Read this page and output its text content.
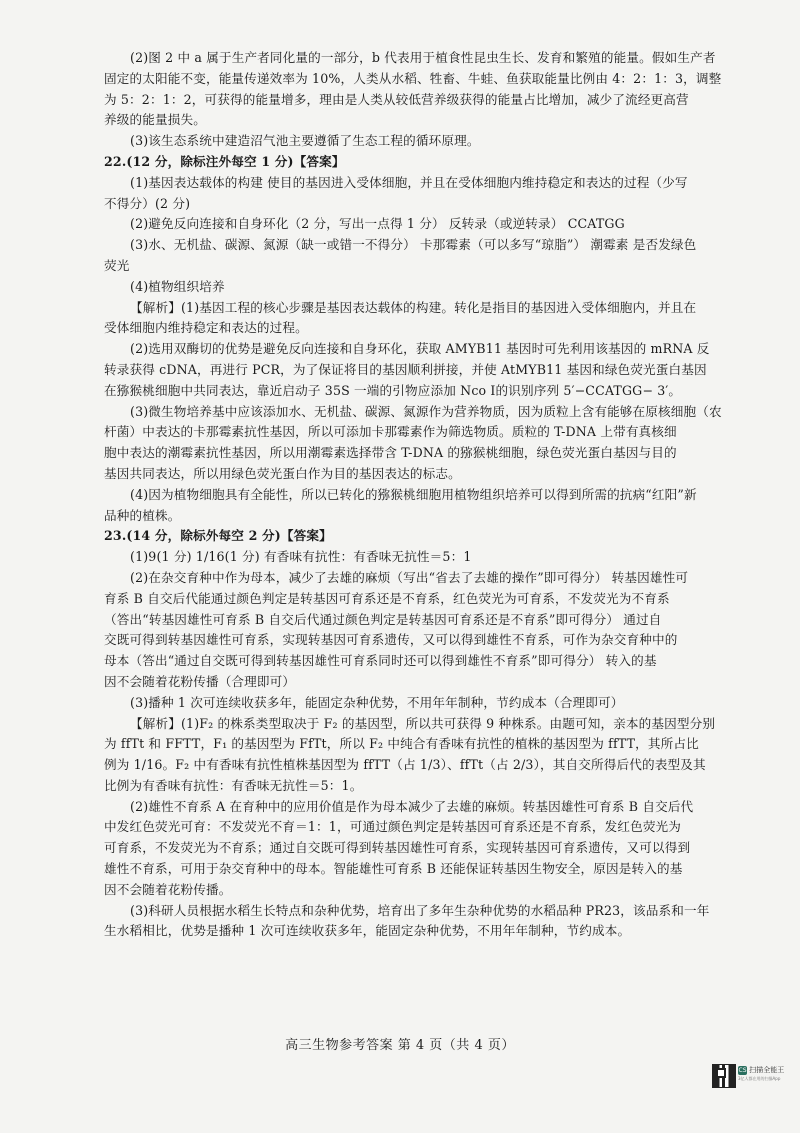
(2)图 2 中 a 属于生产者同化量的一部分，b 代表用于植食性昆虫生长、发育和繁殖的能量。假如生产者
固定的太阳能不变，能量传递效率为 10%，人类从水稻、牲畜、牛蛙、鱼获取能量比例由 4：2：1：3，调整
为 5：2：1：2，可获得的能量增多，理由是人类从较低营养级获得的能量占比增加，减少了流经更高营
养级的能量损失。
(3)该生态系统中建造沼气池主要遵循了生态工程的循环原理。
22.(12 分，除标注外每空 1 分)【答案】
(1)基因表达载体的构建 使目的基因进入受体细胞，并且在受体细胞内维持稳定和表达的过程（少写
不得分）(2 分)
(2)避免反向连接和自身环化（2 分，写出一点得 1 分） 反转录（或逆转录） CCATGG
(3)水、无机盐、碳源、氮源（缺一或错一不得分） 卡那霉素（可以多写“琼脂”） 潮霉素 是否发绿色
荧光
(4)植物组织培养
【解析】(1)基因工程的核心步骤是基因表达载体的构建。转化是指目的基因进入受体细胞内，并且在
受体细胞内维持稳定和表达的过程。
(2)选用双酶切的优势是避免反向连接和自身环化，获取 AMYB11 基因时可先利用该基因的 mRNA 反
转录获得 cDNA，再进行 PCR，为了保证将目的基因顺利拼接，并使 AtMYB11 基因和绿色荧光蛋白基因
在猕猴桃细胞中共同表达，靠近启动子 35S 一端的引物应添加 Nco Ⅰ的识别序列 5′−CCATGG− 3′。
(3)微生物培养基中应该添加水、无机盐、碳源、氮源作为营养物质，因为质粒上含有能够在原核细胞（农
杆菌）中表达的卡那霉素抗性基因，所以可添加卡那霉素作为筛选物质。质粒的 T-DNA 上带有真核细
胞中表达的潮霉素抗性基因，所以用潮霉素选择带含 T-DNA 的猕猴桃细胞，绿色荧光蛋白基因与目的
基因共同表达，所以用绿色荧光蛋白作为目的基因表达的标志。
(4)因为植物细胞具有全能性，所以已转化的猕猴桃细胞用植物组织培养可以得到所需的抗病“红阳”新
品种的植株。
23.(14 分，除标外每空 2 分)【答案】
(1)9(1 分) 1/16(1 分) 有香味有抗性：有香味无抗性＝5：1
(2)在杂交育种中作为母本，减少了去雄的麻烦（写出“省去了去雄的操作”即可得分） 转基因雄性可
育系 B 自交后代能通过颜色判定是转基因可育系还是不育系，红色荧光为可育系，不发荧光为不育系
（答出“转基因雄性可育系 B 自交后代通过颜色判定是转基因可育系还是不育系”即可得分） 通过自
交既可得到转基因雄性可育系，实现转基因可育系遗传，又可以得到雄性不育系，可作为杂交育种中的
母本（答出“通过自交既可得到转基因雄性可育系同时还可以得到雄性不育系”即可得分） 转入的基
因不会随着花粉传播（合理即可）
(3)播种 1 次可连续收获多年，能固定杂种优势，不用年年制种，节约成本（合理即可）
【解析】(1)F₂ 的株系类型取决于 F₂ 的基因型，所以共可获得 9 种株系。由题可知，亲本的基因型分别
为 ffTt 和 FFTT，F₁ 的基因型为 FfTt，所以 F₂ 中纯合有香味有抗性的植株的基因型为 ffTT，其所占比
例为 1/16。F₂ 中有香味有抗性植株基因型为 ffTT（占 1/3）、ffTt（占 2/3），其自交所得后代的表型及其
比例为有香味有抗性：有香味无抗性＝5：1。
(2)雄性不育系 A 在育种中的应用价值是作为母本减少了去雄的麻烦。转基因雄性可育系 B 自交后代
中发红色荧光可育：不发荧光不育＝1：1，可通过颜色判定是转基因可育系还是不育系，发红色荧光为
可育系，不发荧光为不育系；通过自交既可得到转基因雄性可育系，实现转基因可育系遗传，又可以得到
雄性不育系，可用于杂交育种中的母本。智能雄性可育系 B 还能保证转基因生物安全，原因是转入的基
因不会随着花粉传播。
(3)科研人员根据水稻生长特点和杂种优势，培育出了多年生杂种优势的水稻品种 PR23，该品系和一年
生水稻相比，优势是播种 1 次可连续收获多年，能固定杂种优势，不用年年制种，节约成本。
高三生物参考答案 第 4 页（共 4 页）
CS 扫描全能王
3亿人都在用的扫描App
